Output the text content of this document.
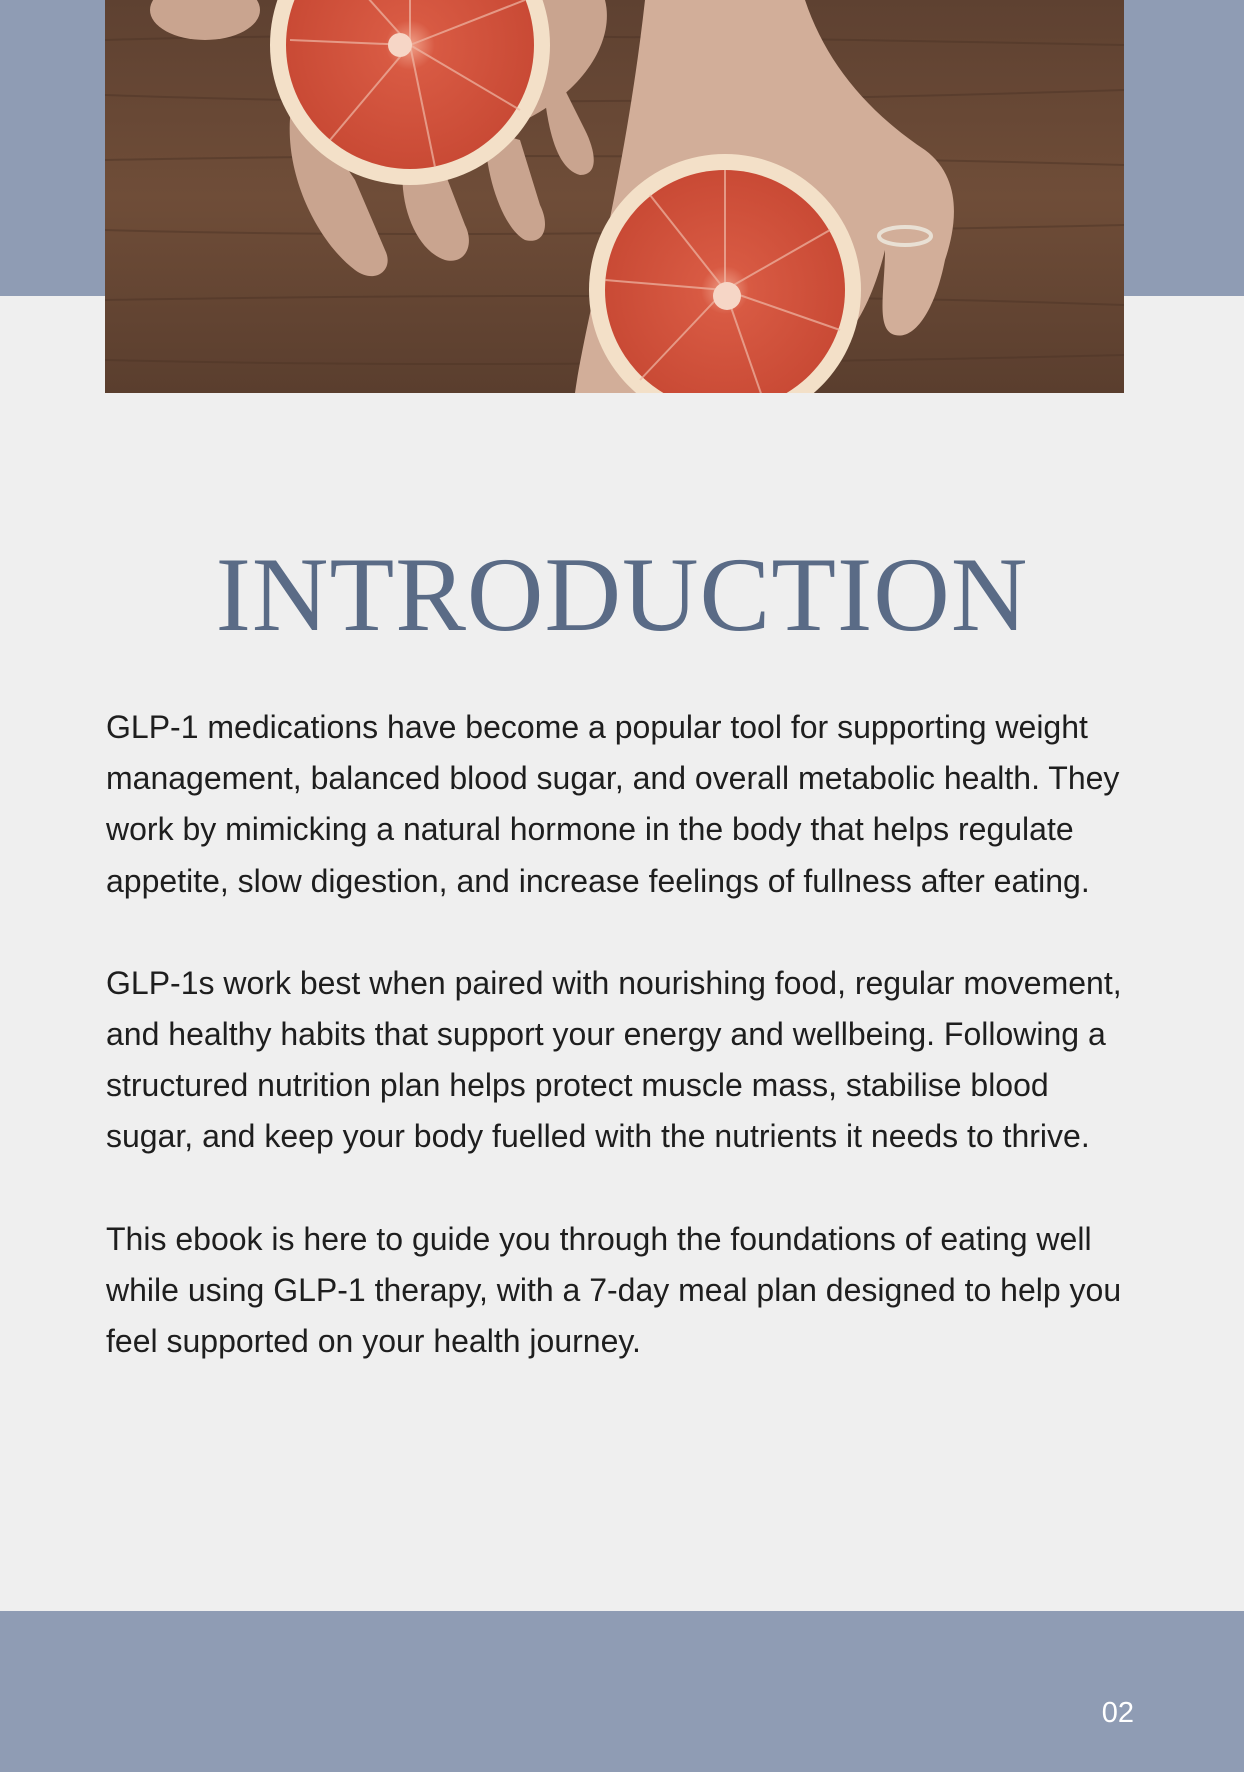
INTRODUCTION

GLP-1 medications have become a popular tool for supporting weight management, balanced blood sugar, and overall metabolic health. They work by mimicking a natural hormone in the body that helps regulate appetite, slow digestion, and increase feelings of fullness after eating.

GLP-1s work best when paired with nourishing food, regular movement, and healthy habits that support your energy and wellbeing. Following a structured nutrition plan helps protect muscle mass, stabilise blood sugar, and keep your body fuelled with the nutrients it needs to thrive.

This ebook is here to guide you through the foundations of eating well while using GLP-1 therapy, with a 7-day meal plan designed to help you feel supported on your health journey.

02
